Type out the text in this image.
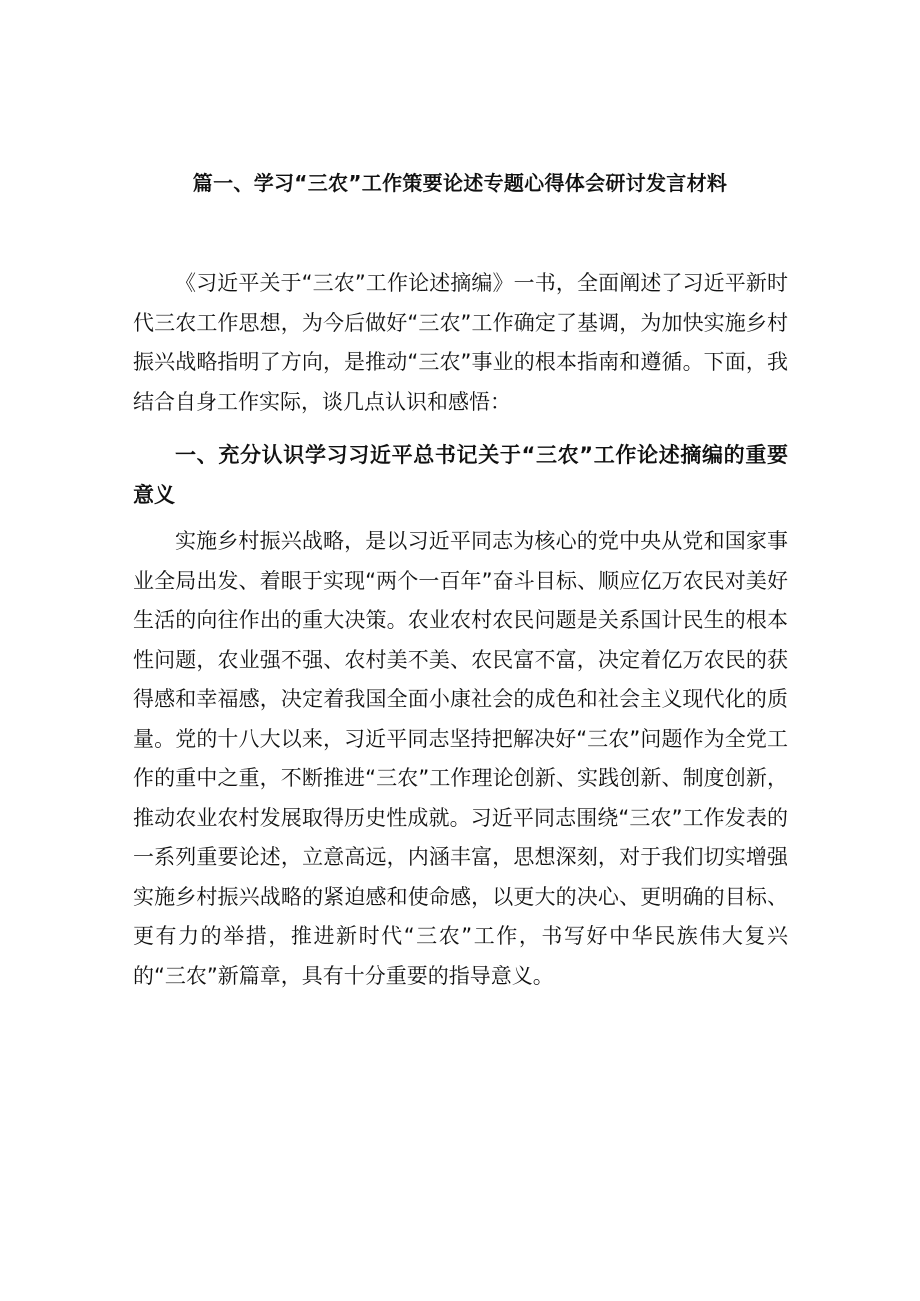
篇一、学习“三农”工作策要论述专题心得体会研讨发言材料

《习近平关于“三农”工作论述摘编》一书，全面阐述了习近平新时代三农工作思想，为今后做好“三农”工作确定了基调，为加快实施乡村振兴战略指明了方向，是推动“三农”事业的根本指南和遵循。下面，我结合自身工作实际，谈几点认识和感悟：

一、充分认识学习习近平总书记关于“三农”工作论述摘编的重要意义

实施乡村振兴战略，是以习近平同志为核心的党中央从党和国家事业全局出发、着眼于实现“两个一百年”奋斗目标、顺应亿万农民对美好生活的向往作出的重大决策。农业农村农民问题是关系国计民生的根本性问题，农业强不强、农村美不美、农民富不富，决定着亿万农民的获得感和幸福感，决定着我国全面小康社会的成色和社会主义现代化的质量。党的十八大以来，习近平同志坚持把解决好“三农”问题作为全党工作的重中之重，不断推进“三农”工作理论创新、实践创新、制度创新，推动农业农村发展取得历史性成就。习近平同志围绕“三农”工作发表的一系列重要论述，立意高远，内涵丰富，思想深刻，对于我们切实增强实施乡村振兴战略的紧迫感和使命感，以更大的决心、更明确的目标、更有力的举措，推进新时代“三农”工作，书写好中华民族伟大复兴的“三农”新篇章，具有十分重要的指导意义。
